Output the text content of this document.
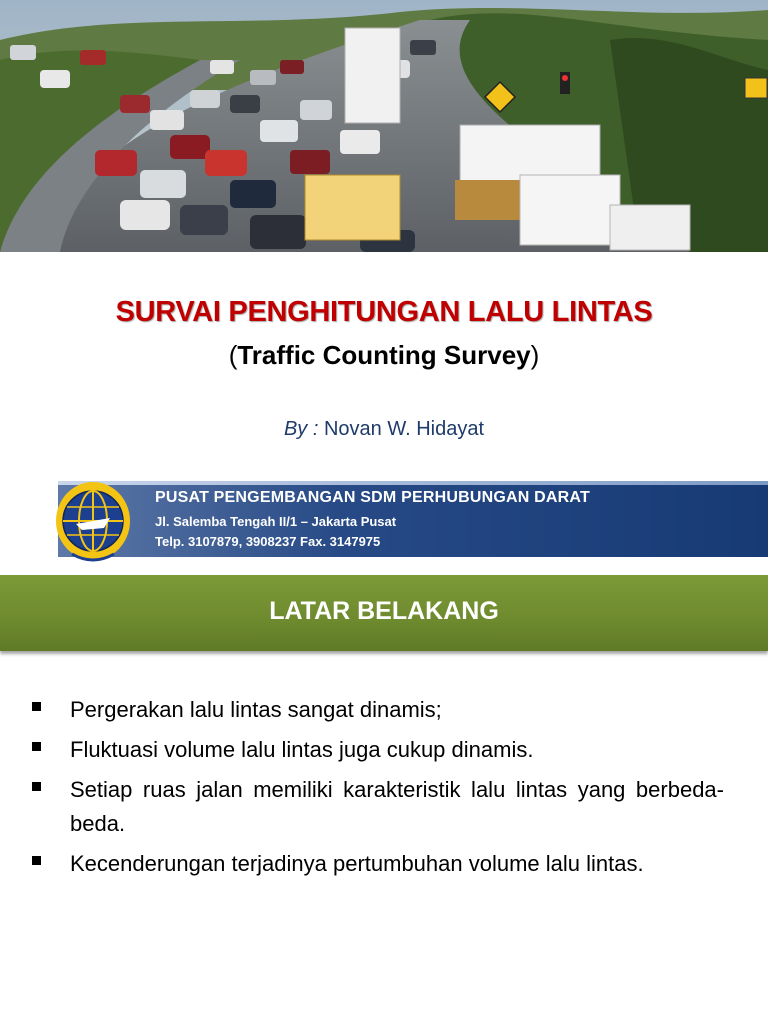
SURVAI PENGHITUNGAN LALU LINTAS
(Traffic Counting Survey)
By : Novan W. Hidayat
PUSAT PENGEMBANGAN SDM PERHUBUNGAN DARAT
Jl. Salemba Tengah II/1 – Jakarta Pusat
Telp. 3107879, 3908237 Fax. 3147975
LATAR BELAKANG
Pergerakan lalu lintas sangat dinamis;
Fluktuasi volume lalu lintas juga cukup dinamis.
Setiap ruas jalan memiliki karakteristik lalu lintas yang berbeda-beda.
Kecenderungan terjadinya pertumbuhan volume lalu lintas.
